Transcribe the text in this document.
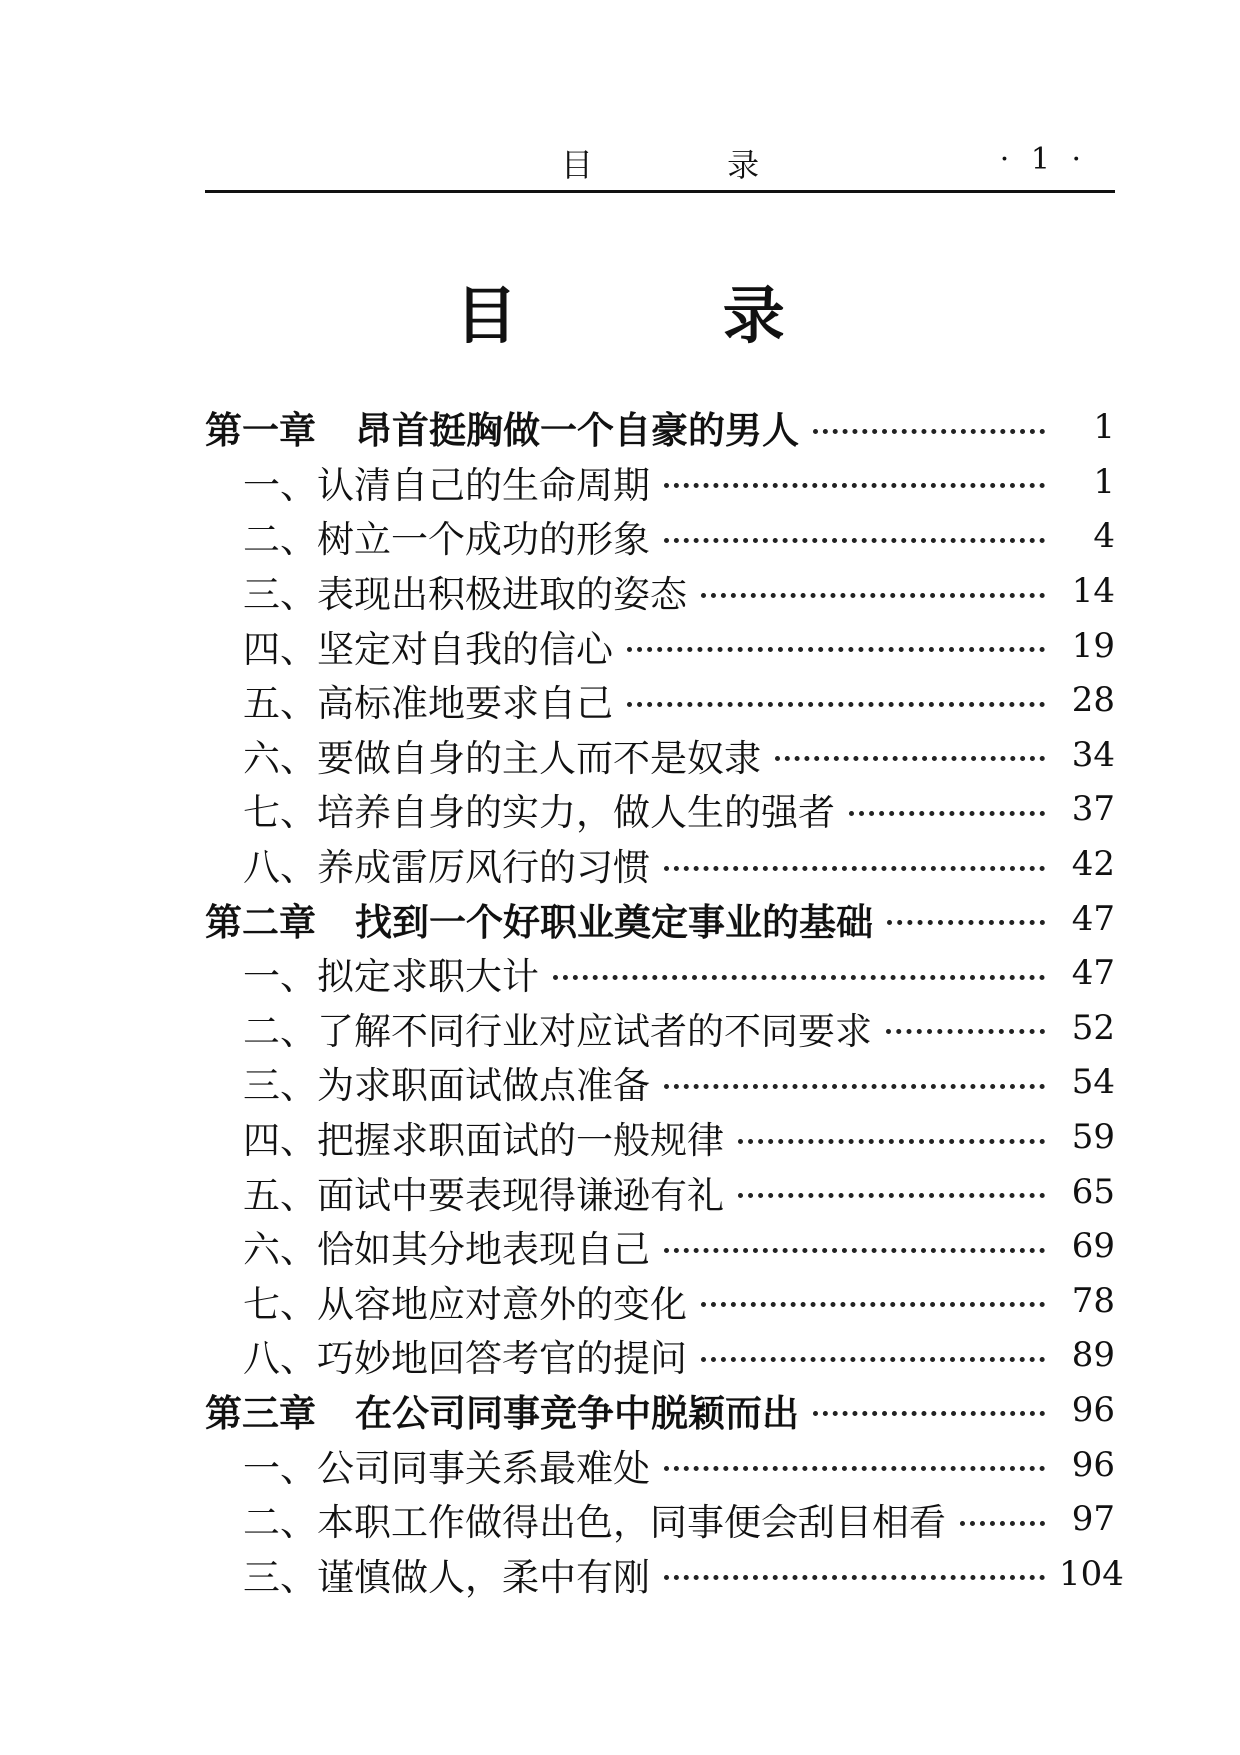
目 录	· 1 ·
目 录
第一章	昂首挺胸做一个自豪的男人	1
一、认清自己的生命周期	1
二、树立一个成功的形象	4
三、表现出积极进取的姿态	14
四、坚定对自我的信心	19
五、高标准地要求自己	28
六、要做自身的主人而不是奴隶	34
七、培养自身的实力，做人生的强者	37
八、养成雷厉风行的习惯	42
第二章	找到一个好职业奠定事业的基础	47
一、拟定求职大计	47
二、了解不同行业对应试者的不同要求	52
三、为求职面试做点准备	54
四、把握求职面试的一般规律	59
五、面试中要表现得谦逊有礼	65
六、恰如其分地表现自己	69
七、从容地应对意外的变化	78
八、巧妙地回答考官的提问	89
第三章	在公司同事竞争中脱颖而出	96
一、公司同事关系最难处	96
二、本职工作做得出色，同事便会刮目相看	97
三、谨慎做人，柔中有刚	104
